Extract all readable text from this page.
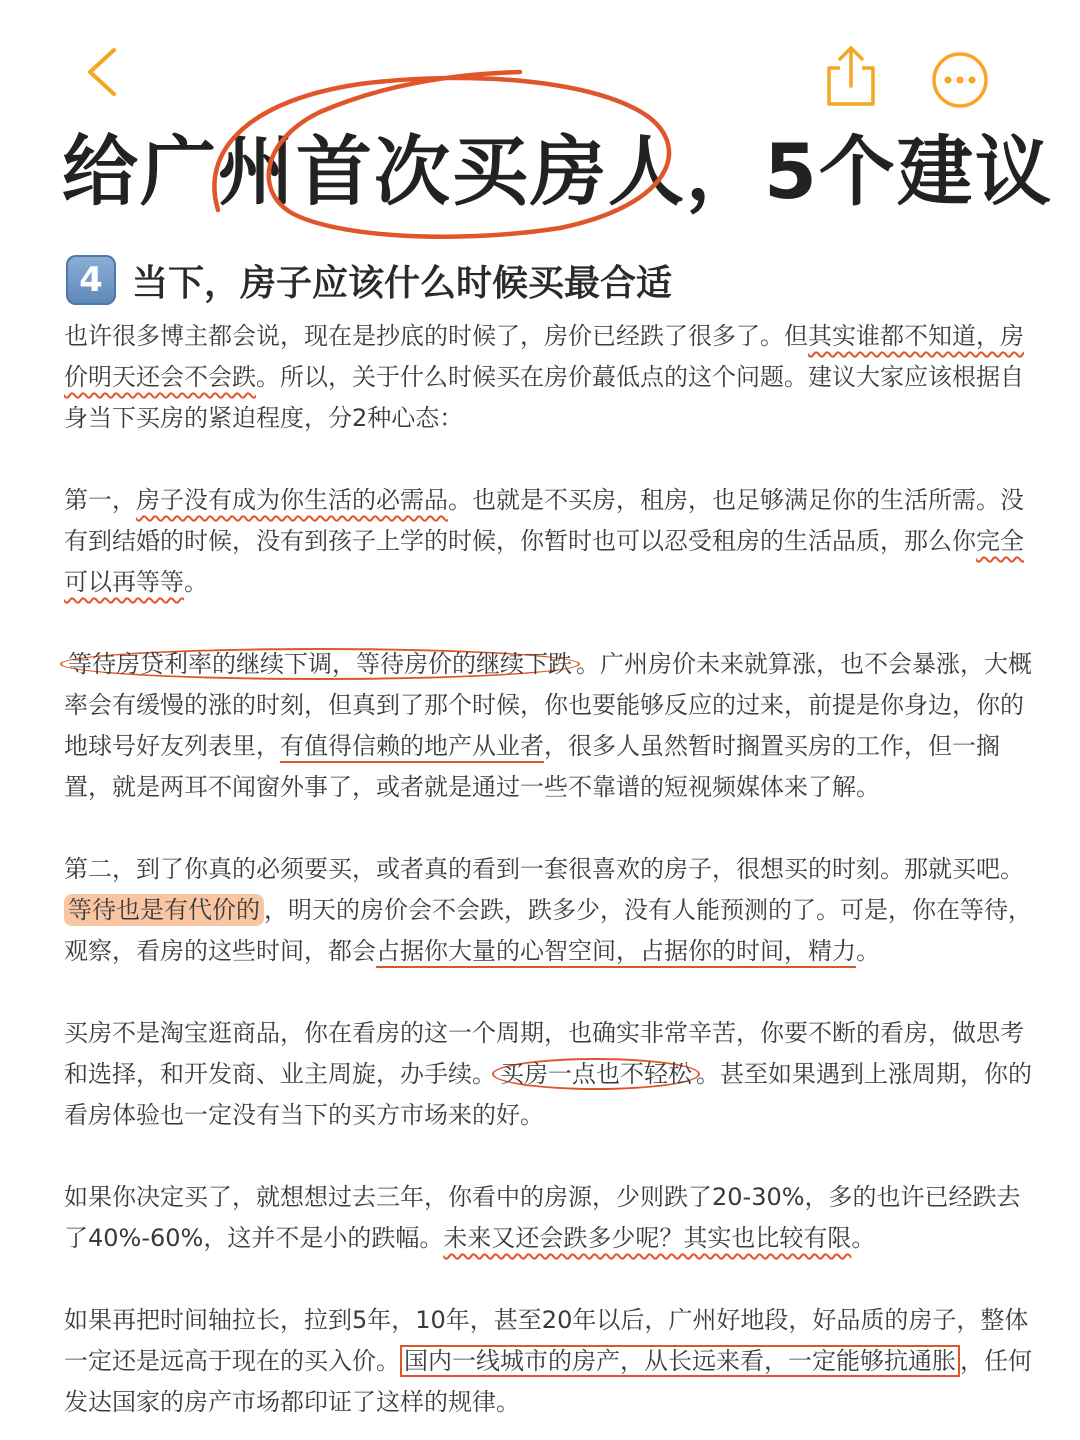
给广州首次买房人，5个建议
4 当下，房子应该什么时候买最合适

也许很多博主都会说，现在是抄底的时候了，房价已经跌了很多了。但其实谁都不知道，房价明天还会不会跌。所以，关于什么时候买在房价蕞低点的这个问题。建议大家应该根据自身当下买房的紧迫程度，分2种心态：

第一，房子没有成为你生活的必需品。也就是不买房，租房，也足够满足你的生活所需。没有到结婚的时候，没有到孩子上学的时候，你暂时也可以忍受租房的生活品质，那么你完全可以再等等。

等待房贷利率的继续下调，等待房价的继续下跌 。广州房价未来就算涨，也不会暴涨，大概率会有缓慢的涨的时刻，但真到了那个时候，你也要能够反应的过来，前提是你身边，你的地球号好友列表里，有值得信赖的地产从业者，很多人虽然暂时搁置买房的工作，但一搁置，就是两耳不闻窗外事了，或者就是通过一些不靠谱的短视频媒体来了解。

第二，到了你真的必须要买，或者真的看到一套很喜欢的房子，很想买的时刻。那就买吧。等待也是有代价的 ，明天的房价会不会跌，跌多少，没有人能预测的了。可是，你在等待，观察，看房的这些时间，都会占据你大量的心智空间，占据你的时间，精力。

买房不是淘宝逛商品，你在看房的这一个周期，也确实非常辛苦，你要不断的看房，做思考和选择，和开发商、业主周旋，办手续。 买房一点也不轻松 。甚至如果遇到上涨周期，你的看房体验也一定没有当下的买方市场来的好。

如果你决定买了，就想想过去三年，你看中的房源，少则跌了20-30%，多的也许已经跌去了40%-60%，这并不是小的跌幅。未来又还会跌多少呢？其实也比较有限。

如果再把时间轴拉长，拉到5年，10年，甚至20年以后，广州好地段，好品质的房子，整体一定还是远高于现在的买入价。 国内一线城市的房产，从长远来看，一定能够抗通胀 ，任何发达国家的房产市场都印证了这样的规律。
